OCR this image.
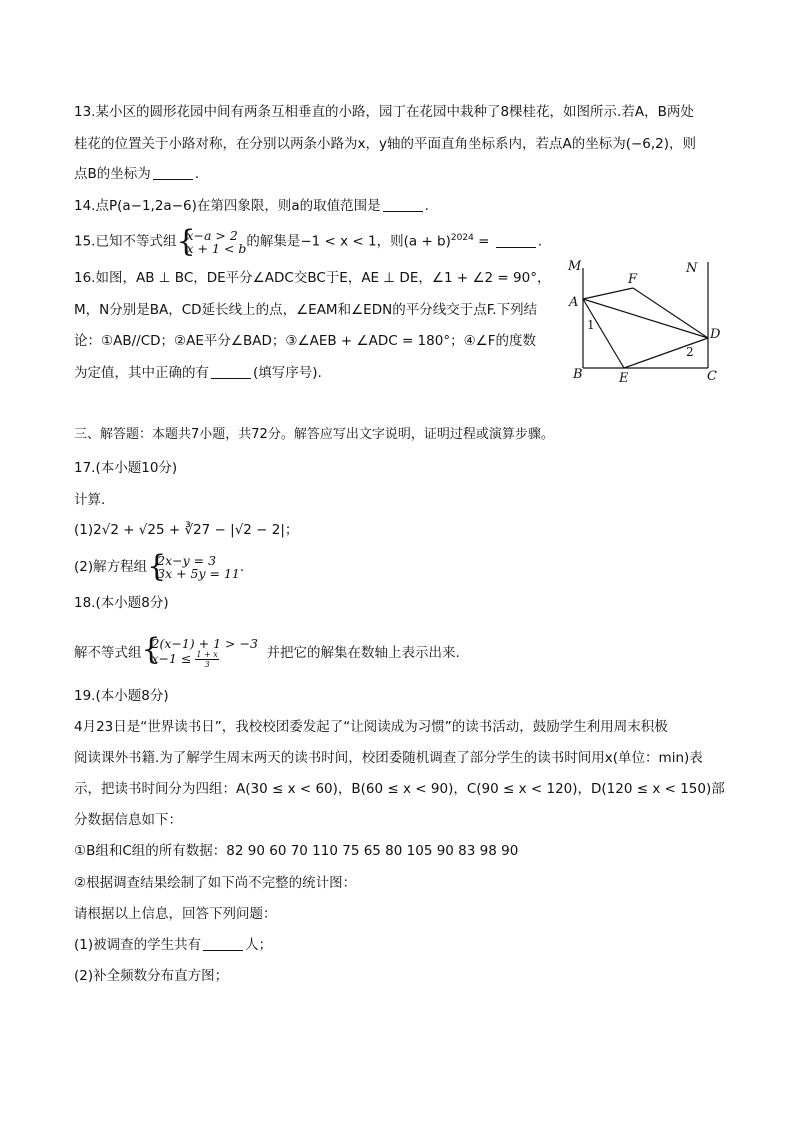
13.某小区的圆形花园中间有两条互相垂直的小路，园丁在花园中栽种了8棵桂花，如图所示.若A，B两处
桂花的位置关于小路对称，在分别以两条小路为x，y轴的平面直角坐标系内，若点A的坐标为(−6,2)，则
点B的坐标为	.
14.点P(a−1,2a−6)在第四象限，则a的取值范围是	.
15.已知不等式组 {
x−a > 2
x + 1 < b 的解集是−1 < x < 1，则$(a + b)^{2024}$ =	.
16.如图，AB ⊥ BC，DE平分∠ADC交BC于E，AE ⊥ DE，∠1 + ∠2 = 90°，
M，N分别是BA，CD延长线上的点，∠EAM和∠EDN的平分线交于点F.下列结
论：①AB//CD；②AE平分∠BAD；③∠AEB + ∠ADC = 180°；④∠F的度数
为定值，其中正确的有	(填写序号).
M	N
F
A
D
B	E	C
1
2
三、解答题：本题共7小题，共72分。解答应写出文字说明，证明过程或演算步骤。
17.(本小题10分)
计算.
(1)2√2 + √25 + ∛27 − |√2 − 2|；
(2)解方程组 {
2x−y = 3
3x + 5y = 11 .
18.(本小题8分)
解不等式组 {
2(x−1) + 1 > −3
$x-1 \le \frac{1 + x}{3}$	并把它的解集在数轴上表示出来.
19.(本小题8分)
4月23日是“世界读书日”，我校校团委发起了“让阅读成为习惯”的读书活动，鼓励学生利用周末积极
阅读课外书籍.为了解学生周末两天的读书时间，校团委随机调查了部分学生的读书时间用x(单位：min)表
示，把读书时间分为四组：A(30 ≤ x < 60)，B(60 ≤ x < 90)，C(90 ≤ x < 120)，D(120 ≤ x < 150)部
分数据信息如下：
①B组和C组的所有数据：82 90 60 70 110 75 65 80 105 90 83 98 90
②根据调查结果绘制了如下尚不完整的统计图：
请根据以上信息，回答下列问题：
(1)被调查的学生共有	人；
(2)补全频数分布直方图；
